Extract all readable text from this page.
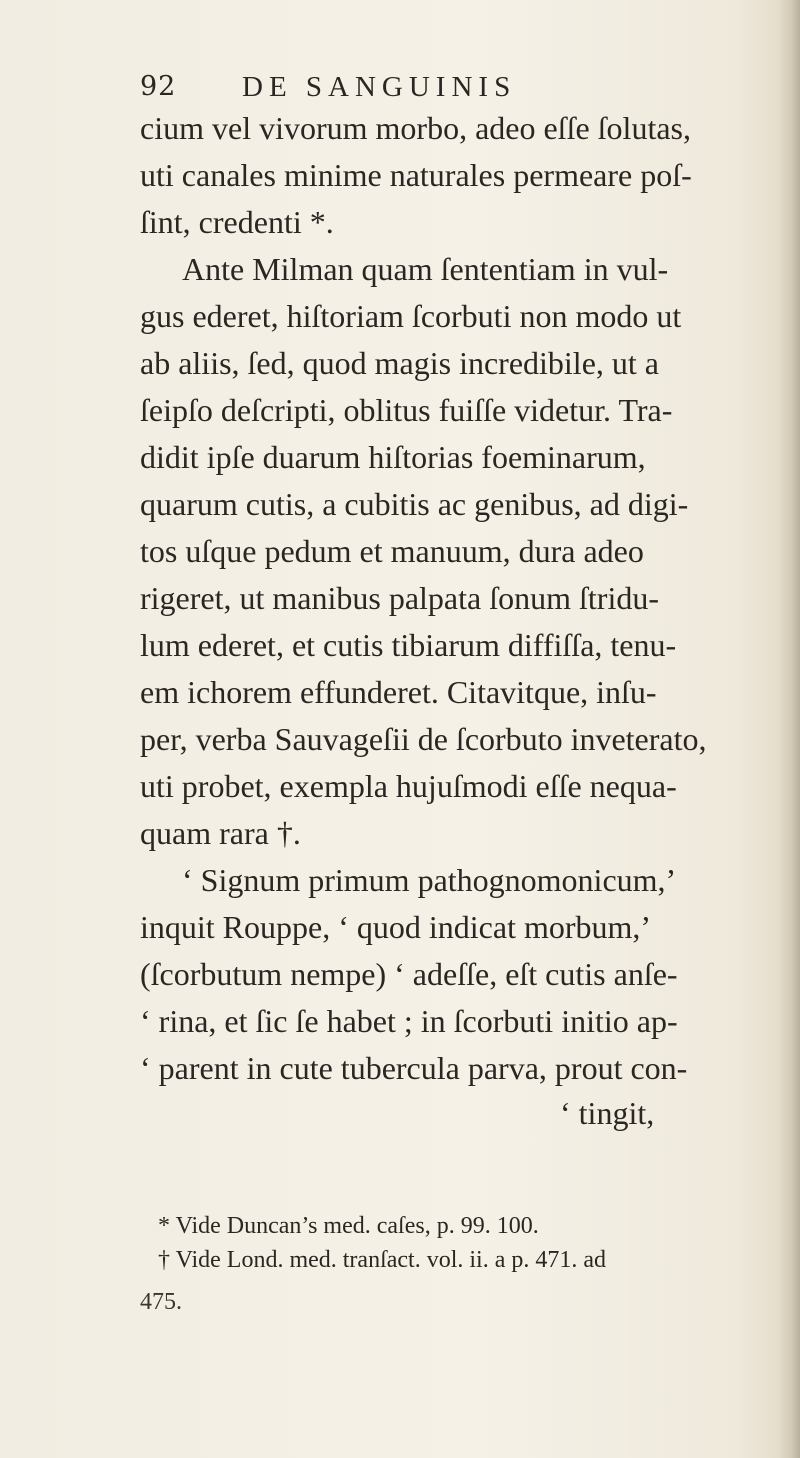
92 DE SANGUINIS
cium vel vivorum morbo, adeo eſſe ſolutas,
uti canales minime naturales permeare poſ-
ſint, credenti *.
Ante Milman quam ſententiam in vul-
gus ederet, hiſtoriam ſcorbuti non modo ut
ab aliis, ſed, quod magis incredibile, ut a
ſeipſo deſcripti, oblitus fuiſſe videtur. Tra-
didit ipſe duarum hiſtorias foeminarum,
quarum cutis, a cubitis ac genibus, ad digi-
tos uſque pedum et manuum, dura adeo
rigeret, ut manibus palpata ſonum ſtridu-
lum ederet, et cutis tibiarum diffiſſa, tenu-
em ichorem effunderet. Citavitque, inſu-
per, verba Sauvageſii de ſcorbuto inveterato,
uti probet, exempla hujuſmodi eſſe nequa-
quam rara †.
‘ Signum primum pathognomonicum,’
inquit Rouppe, ‘ quod indicat morbum,’
(ſcorbutum nempe) ‘ adeſſe, eſt cutis anſe-
‘ rina, et ſic ſe habet ; in ſcorbuti initio ap-
‘ parent in cute tubercula parva, prout con-
‘ tingit,
* Vide Duncan’s med. caſes, p. 99. 100.
† Vide Lond. med. tranſact. vol. ii. a p. 471. ad
475.
